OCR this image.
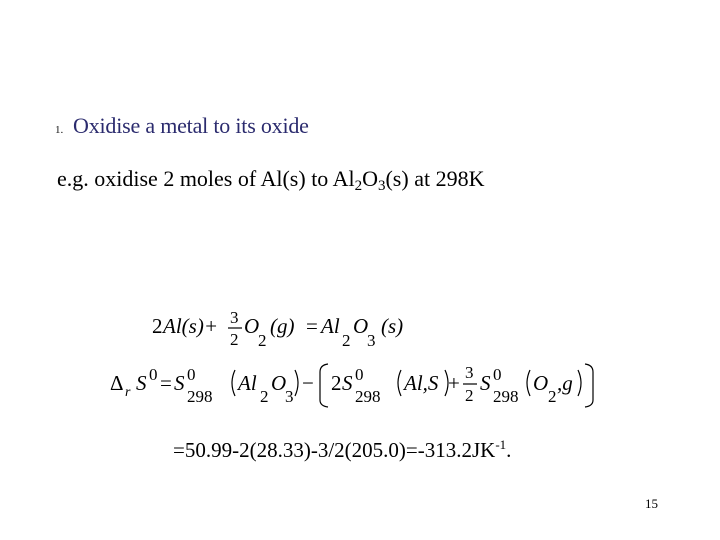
1. Oxidise a metal to its oxide
e.g. oxidise 2 moles of Al(s) to $Al_2O_3(s)$ at 298K
2 Al(s)+ 3
2
O
2
(g) = Al
2
O
3
(s)
Δ r S 0 = S 0
298
Al
2
O
3
− 2 S 0
298
Al,S + 3
2
S 0
298
O
2
,g
$=50.99-2(28.33)-3/2(205.0)=-313.2JK^{-1}$.
15
